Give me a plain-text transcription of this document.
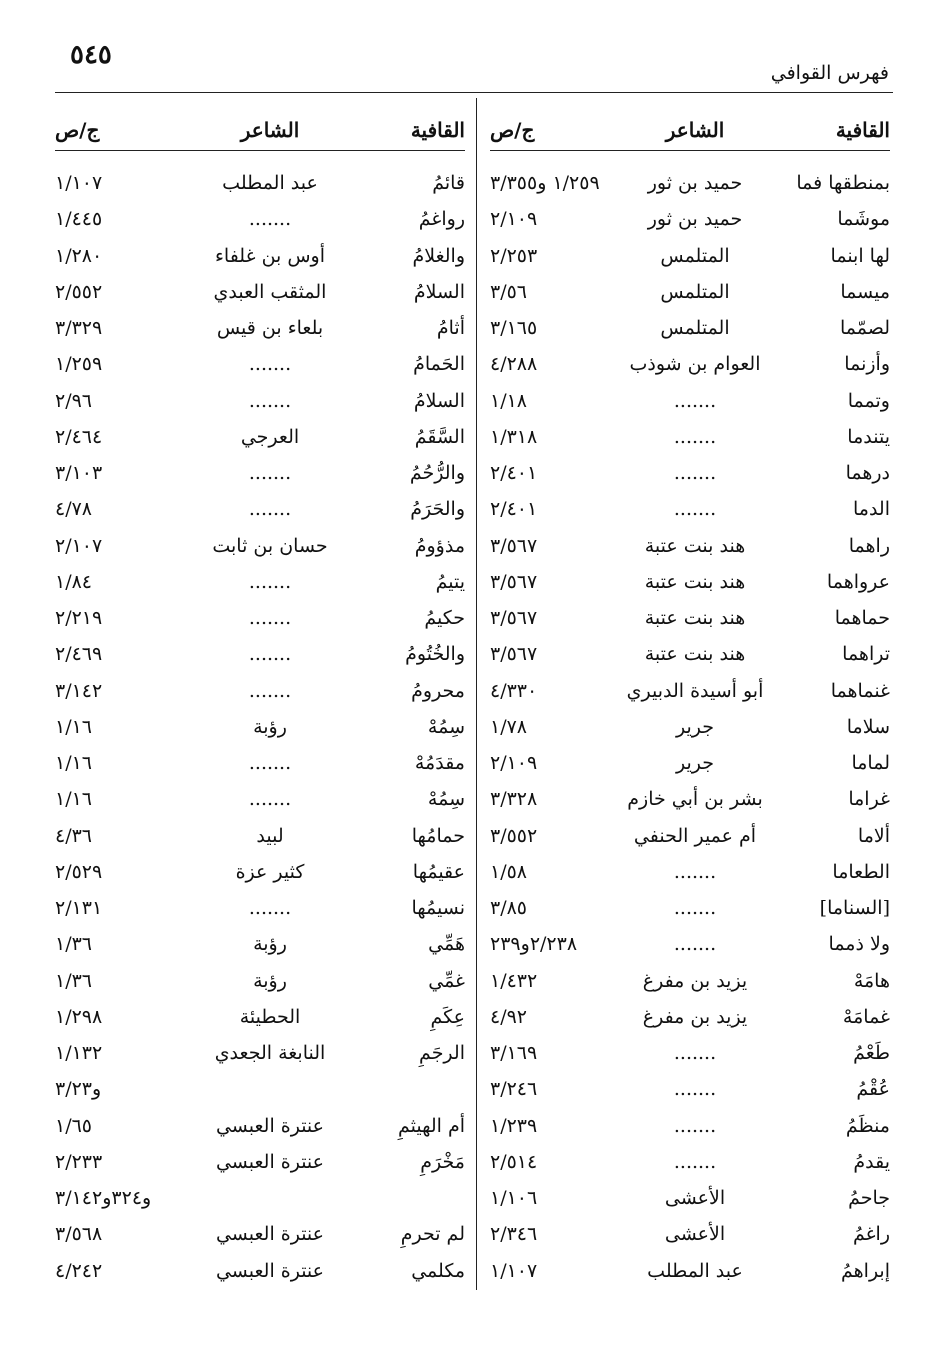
٥٤٥
فهرس القوافي
القافية
الشاعر
ج/ص
بمنطقها فما
حميد بن ثور
١/٢٥٩ و٣/٣٥٥
موشَما
حميد بن ثور
٢/١٠٩
لها ابنما
المتلمس
٢/٢٥٣
ميسما
المتلمس
٣/٥٦
لصمّما
المتلمس
٣/١٦٥
وأزنما
العوام بن شوذب
٤/٢٨٨
وتمما
.......
١/١٨
يتندما
.......
١/٣١٨
درهما
.......
٢/٤٠١
الدما
.......
٢/٤٠١
راهما
هند بنت عتبة
٣/٥٦٧
عرواهما
هند بنت عتبة
٣/٥٦٧
حماهما
هند بنت عتبة
٣/٥٦٧
تراهما
هند بنت عتبة
٣/٥٦٧
غنماهما
أبو أسيدة الدبيري
٤/٣٣٠
سلاما
جرير
١/٧٨
لماما
جرير
٢/١٠٩
غراما
بشر بن أبي خازم
٣/٣٢٨
ألاما
أم عمير الحنفي
٣/٥٥٢
الطعاما
.......
١/٥٨
[السناما]
.......
٣/٨٥
ولا ذمما
.......
٢/٢٣٨و٢٣٩
هامَهْ
يزيد بن مفرغ
١/٤٣٢
غمامَهْ
يزيد بن مفرغ
٤/٩٢
طَعْمُ
.......
٣/١٦٩
عُقْمُ
.......
٣/٢٤٦
منظَمُ
.......
١/٢٣٩
يقدمُ
.......
٢/٥١٤
جاحمُ
الأعشى
١/١٠٦
راغمُ
الأعشى
٢/٣٤٦
إبراهمُ
عبد المطلب
١/١٠٧
القافية
الشاعر
ج/ص
قائمُ
عبد المطلب
١/١٠٧
رواغمُ
.......
١/٤٤٥
والغلامُ
أوس بن غلفاء
١/٢٨٠
السلامُ
المثقب العبدي
٢/٥٥٢
أثامُ
بلعاء بن قيس
٣/٣٢٩
الحَمامُ
.......
١/٢٥٩
السلامُ
.......
٢/٩٦
السَّقَمُ
العرجي
٢/٤٦٤
والرُّحُمُ
.......
٣/١٠٣
والحَرَمُ
.......
٤/٧٨
مذؤومُ
حسان بن ثابت
٢/١٠٧
يتيمُ
.......
١/٨٤
حكيمُ
.......
٢/٢١٩
والخُتُومُ
.......
٢/٤٦٩
محرومُ
.......
٣/١٤٢
سِمُهْ
رؤبة
١/١٦
مقدَمُهْ
.......
١/١٦
سِمُهْ
.......
١/١٦
حمامُها
لبيد
٤/٣٦
عقيمُها
كثير عزة
٢/٥٢٩
نسيمُها
.......
٢/١٣١
هَمِّي
رؤبة
١/٣٦
غمِّي
رؤبة
١/٣٦
عِكَمِ
الحطيئة
١/٢٩٨
الرجَمِ
النابغة الجعدي
١/١٣٢
و٣/٢٣
أم الهيثمِ
عنترة العبسي
١/٦٥
مَخْرَمِ
عنترة العبسي
٢/٢٣٣
و٣٢٤و٣/١٤٢
لم تحرمِ
عنترة العبسي
٣/٥٦٨
مكلمي
عنترة العبسي
٤/٢٤٢
